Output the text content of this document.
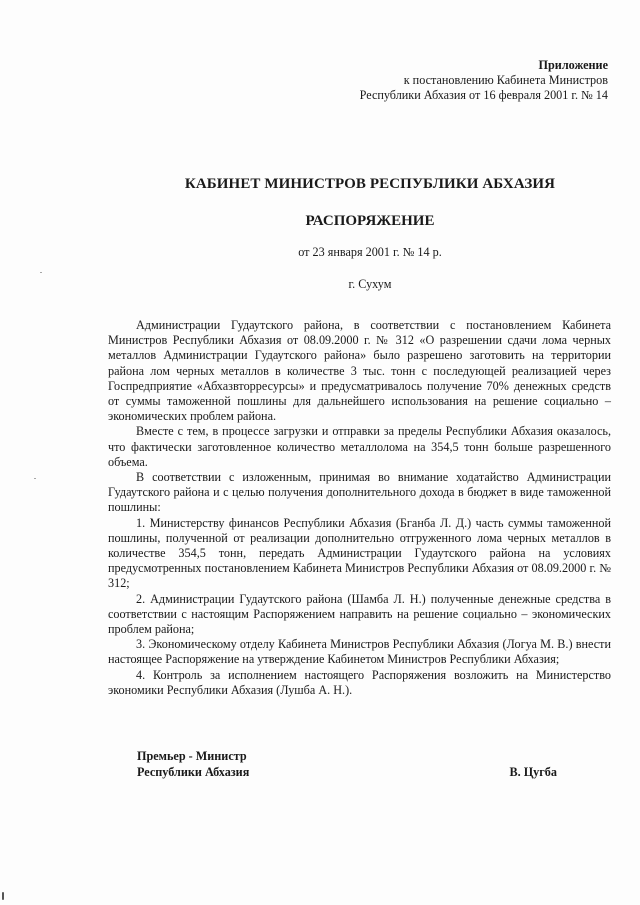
Приложение
к постановлению Кабинета Министров
Республики Абхазия от 16 февраля 2001 г. № 14
КАБИНЕТ МИНИСТРОВ РЕСПУБЛИКИ АБХАЗИЯ
РАСПОРЯЖЕНИЕ
от 23 января 2001 г. № 14 р.
г. Сухум

Администрации Гудаутского района, в соответствии с постановлением Кабинета Министров Республики Абхазия от 08.09.2000 г. № 312 «О разрешении сдачи лома черных металлов Администрации Гудаутского района» было разрешено заготовить на территории района лом черных металлов в количестве 3 тыс. тонн с последующей реализацией через Госпредприятие «Абхазвторресурсы» и предусматривалось получение 70% денежных средств от суммы таможенной пошлины для дальнейшего использования на решение социально – экономических проблем района.

Вместе с тем, в процессе загрузки и отправки за пределы Республики Абхазия оказалось, что фактически заготовленное количество металлолома на 354,5 тонн больше разрешенного объема.

В соответствии с изложенным, принимая во внимание ходатайство Администрации Гудаутского района и с целью получения дополнительного дохода в бюджет в виде таможенной пошлины:

1. Министерству финансов Республики Абхазия (Бганба Л. Д.) часть суммы таможенной пошлины, полученной от реализации дополнительно отгруженного лома черных металлов в количестве 354,5 тонн, передать Администрации Гудаутского района на условиях предусмотренных постановлением Кабинета Министров Республики Абхазия от 08.09.2000 г. № 312;

2. Администрации Гудаутского района (Шамба Л. Н.) полученные денежные средства в соответствии с настоящим Распоряжением направить на решение социально – экономических проблем района;

3. Экономическому отделу Кабинета Министров Республики Абхазия (Логуа М. В.) внести настоящее Распоряжение на утверждение Кабинетом Министров Республики Абхазия;

4. Контроль за исполнением настоящего Распоряжения возложить на Министерство экономики Республики Абхазия (Лушба А. Н.).

Премьер - Министр
Республики Абхазия	В. Цугба
